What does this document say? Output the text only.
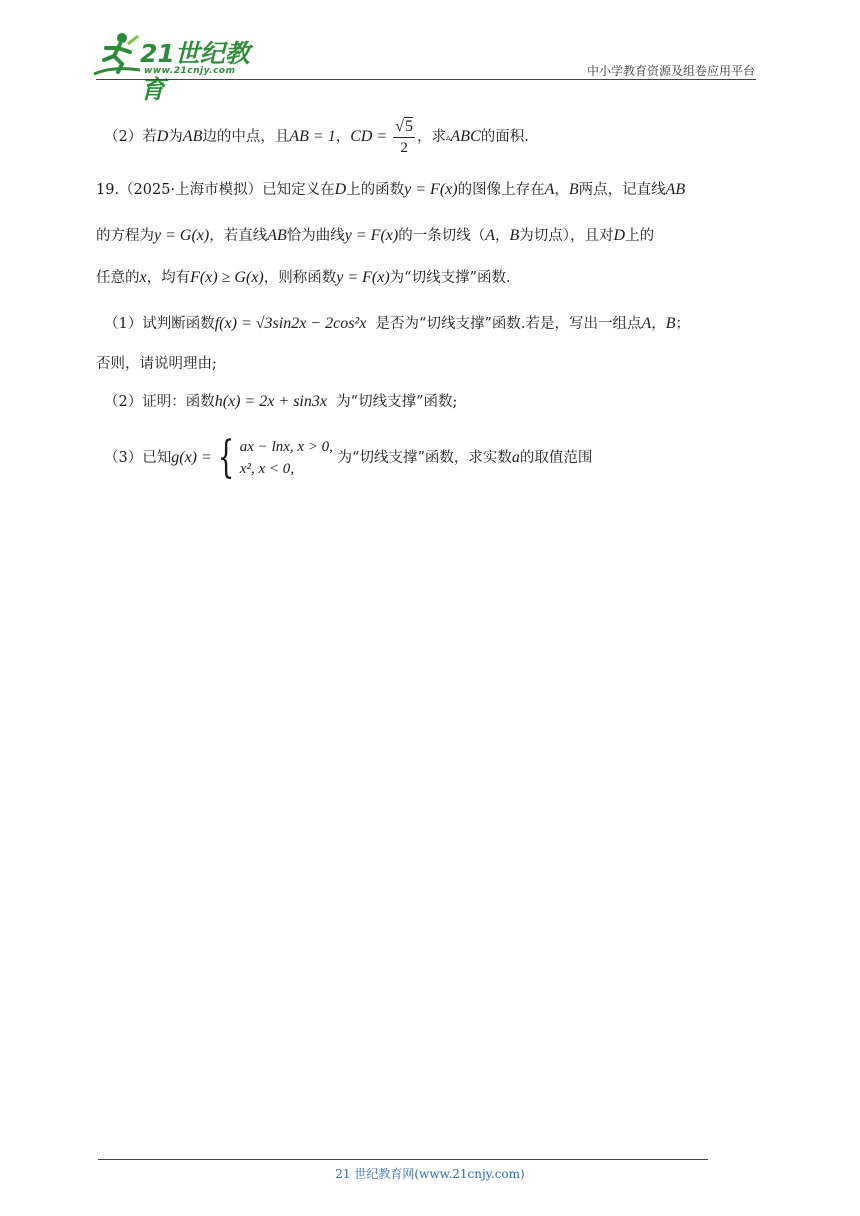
21世纪教育
www.21cnjy.com	中小学教育资源及组卷应用平台
（2）若D为AB边的中点，且AB = 1，CD = $\frac{√5}{2}$ ，求▵ABC的面积.
19.（2025·上海市模拟）已知定义在D上的函数y = F(x)的图像上存在A，B两点，记直线AB
的方程为y = G(x)，若直线AB恰为曲线y = F(x)的一条切线（A，B为切点），且对D上的
任意的x，均有F(x) ≥ G(x)，则称函数y = F(x)为“切线支撑”函数.
（1）试判断函数f(x) = √3sin2x − 2cos²x 是否为“切线支撑”函数.若是，写出一组点A，B；
否则，请说明理由;
（2）证明：函数h(x) = 2x + sin3x 为“切线支撑”函数;
（3）已知g(x) = { ax − lnx, x > 0,
x², x < 0,
为“切线支撑”函数，求实数a的取值范围
21 世纪教育网(www.21cnjy.com)
